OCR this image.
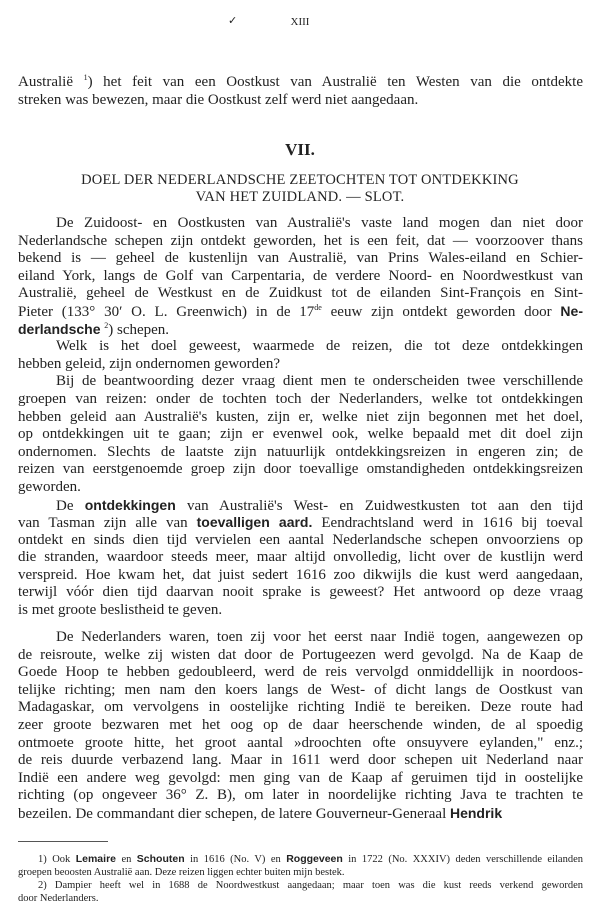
✓	XIII
Australië $^1$) het feit van een Oostkust van Australië ten Westen van die ontdekte
streken was bewezen, maar die Oostkust zelf werd niet aangedaan.
VII.
DOEL DER NEDERLANDSCHE ZEETOCHTEN TOT ONTDEKKING
VAN HET ZUIDLAND. — SLOT.
De Zuidoost- en Oostkusten van Australië's vaste land mogen dan niet door
Nederlandsche schepen zijn ontdekt geworden, het is een feit, dat — voorzoover thans
bekend is — geheel de kustenlijn van Australië, van Prins Wales-eiland en Schier-
eiland York, langs de Golf van Carpentaria, de verdere Noord- en Noordwestkust van
Australië, geheel de Westkust en de Zuidkust tot de eilanden Sint-François en Sint-
Pieter (133° 30′ O. L. Greenwich) in de 17de eeuw zijn ontdekt geworden door Ne-
derlandsche $^2$) schepen.
Welk is het doel geweest, waarmede de reizen, die tot deze ontdekkingen
hebben geleid, zijn ondernomen geworden?
Bij de beantwoording dezer vraag dient men te onderscheiden twee verschillende
groepen van reizen: onder de tochten toch der Nederlanders, welke tot ontdekkingen
hebben geleid aan Australië's kusten, zijn er, welke niet zijn begonnen met het doel,
op ontdekkingen uit te gaan; zijn er evenwel ook, welke bepaald met dit doel zijn
ondernomen. Slechts de laatste zijn natuurlijk ontdekkingsreizen in engeren zin; de
reizen van eerstgenoemde groep zijn door toevallige omstandigheden ontdekkingsreizen
geworden.
De ontdekkingen van Australië's West- en Zuidwestkusten tot aan den tijd
van Tasman zijn alle van toevalligen aard. Eendrachtsland werd in 1616 bij toeval
ontdekt en sinds dien tijd vervielen een aantal Nederlandsche schepen onvoorziens op
die stranden, waardoor steeds meer, maar altijd onvolledig, licht over de kustlijn werd
verspreid. Hoe kwam het, dat juist sedert 1616 zoo dikwijls die kust werd aangedaan,
terwijl vóór dien tijd daarvan nooit sprake is geweest? Het antwoord op deze vraag
is met groote beslistheid te geven.
De Nederlanders waren, toen zij voor het eerst naar Indië togen, aangewezen op
de reisroute, welke zij wisten dat door de Portugeezen werd gevolgd. Na de Kaap de
Goede Hoop te hebben gedoubleerd, werd de reis vervolgd onmiddellijk in noordoos-
telijke richting; men nam den koers langs de West- of dicht langs de Oostkust van
Madagaskar, om vervolgens in oostelijke richting Indië te bereiken. Deze route had
zeer groote bezwaren met het oog op de daar heerschende winden, de al spoedig
ontmoete groote hitte, het groot aantal »droochten ofte onsuyvere eylanden," enz.;
de reis duurde verbazend lang. Maar in 1611 werd door schepen uit Nederland naar
Indië een andere weg gevolgd: men ging van de Kaap af geruimen tijd in oostelijke
richting (op ongeveer 36° Z. B), om later in noordelijke richting Java te trachten te
bezeilen. De commandant dier schepen, de latere Gouverneur-Generaal Hendrik
1) Ook Lemaire en Schouten in 1616 (No. V) en Roggeveen in 1722 (No. XXXIV) deden verschillende eilanden
groepen beoosten Australië aan. Deze reizen liggen echter buiten mijn bestek.
2) Dampier heeft wel in 1688 de Noordwestkust aangedaan; maar toen was die kust reeds verkend geworden
door Nederlanders.
